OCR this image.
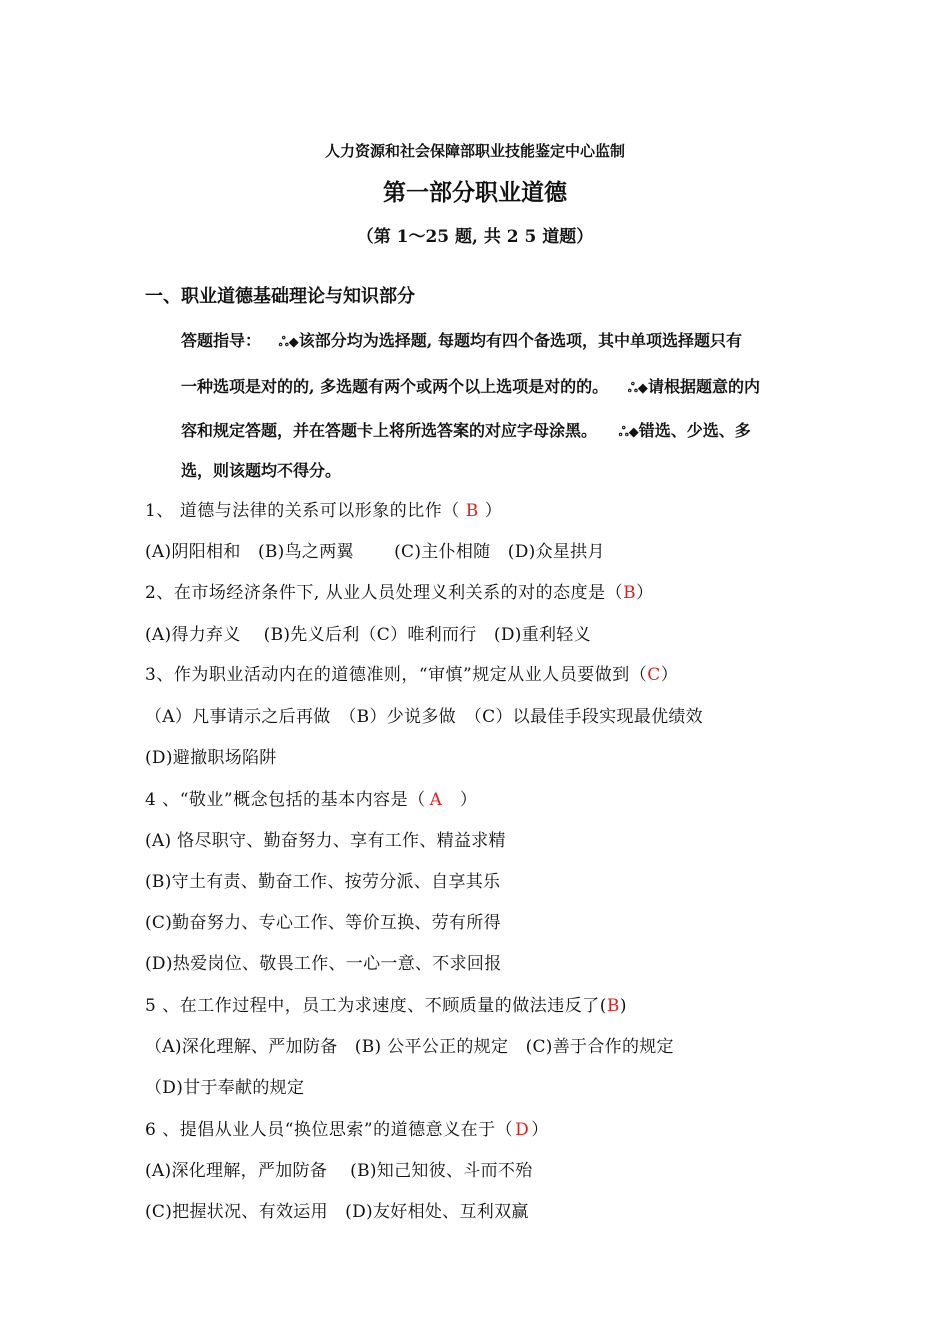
人力资源和社会保障部职业技能鉴定中心监制
第一部分职业道德
（第 1～25 题, 共 2 5 道题）
一、职业道德基础理论与知识部分
答题指导： ஃ◆该部分均为选择题, 每题均有四个备选项，其中单项选择题只有
一种选项是对的的, 多选题有两个或两个以上选项是对的的。 ஃ◆请根据题意的内
容和规定答题，并在答题卡上将所选答案的对应字母涂黑。 ஃ◆错选、少选、多
选，则该题均不得分。
1、 道德与法律的关系可以形象的比作（ B ）
(A)阴阳相和　(B)鸟之两翼　　 (C)主仆相随　(D)众星拱月
2、在市场经济条件下, 从业人员处理义利关系的对的态度是（B）
(A)得力弃义　 (B)先义后利（C）唯利而行　(D)重利轻义
3、作为职业活动内在的道德准则，“审慎”规定从业人员要做到（C）
（A）凡事请示之后再做　（B）少说多做　（C）以最佳手段实现最优绩效
(D)避撤职场陷阱
4 、“敬业”概念包括的基本内容是（ A　）
(A) 恪尽职守、勤奋努力、享有工作、精益求精
(B)守土有责、勤奋工作、按劳分派、自享其乐
(C)勤奋努力、专心工作、等价互换、劳有所得
(D)热爱岗位、敬畏工作、一心一意、不求回报
5 、在工作过程中，员工为求速度、不顾质量的做法违反了(B)
（A)深化理解、严加防备　(B) 公平公正的规定　(C)善于合作的规定
（D)甘于奉献的规定
6 、提倡从业人员“换位思索”的道德意义在于（ D ）
(A)深化理解，严加防备　 (B)知己知彼、斗而不殆
(C)把握状况、有效运用　(D)友好相处、互利双赢
